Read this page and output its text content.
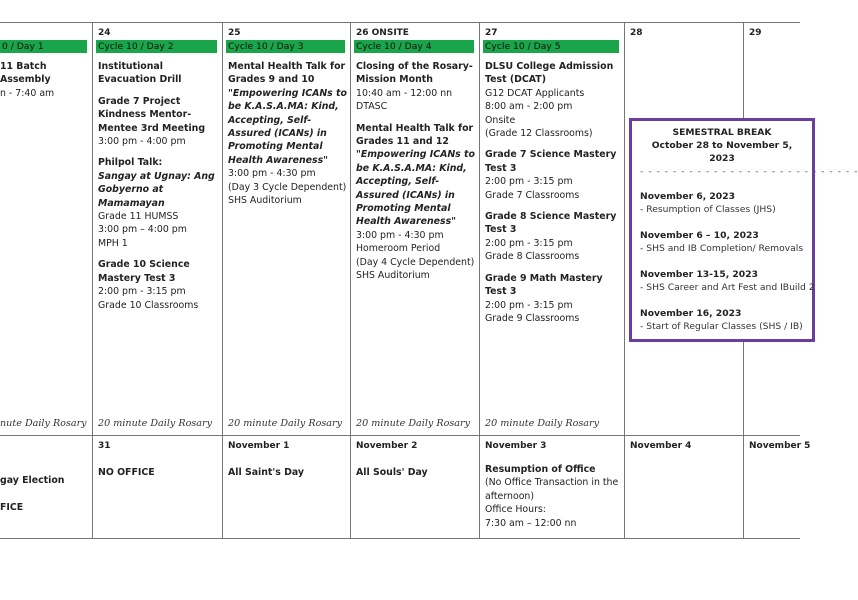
0 / Day 1
11 Batch Assembly
n - 7:40 am
nute Daily Rosary
24
Cycle 10 / Day 2
Institutional Evacuation Drill
Grade 7 Project Kindness Mentor-Mentee 3rd Meeting
3:00 pm - 4:00 pm
Philpol Talk:
Sangay at Ugnay: Ang Gobyerno at Mamamayan
Grade 11 HUMSS
3:00 pm – 4:00 pm
MPH 1
Grade 10 Science Mastery Test 3
2:00 pm - 3:15 pm
Grade 10 Classrooms
20 minute Daily Rosary
25
Cycle 10 / Day 3
Mental Health Talk for Grades 9 and 10
"Empowering ICANs to be K.A.S.A.MA: Kind, Accepting, Self-Assured (ICANs) in Promoting Mental Health Awareness"
3:00 pm - 4:30 pm
(Day 3 Cycle Dependent)
SHS Auditorium
20 minute Daily Rosary
26 ONSITE
Cycle 10 / Day 4
Closing of the Rosary-Mission Month
10:40 am - 12:00 nn
DTASC
Mental Health Talk for Grades 11 and 12
"Empowering ICANs to be K.A.S.A.MA: Kind, Accepting, Self-Assured (ICANs) in Promoting Mental Health Awareness"
3:00 pm - 4:30 pm
Homeroom Period
(Day 4 Cycle Dependent)
SHS Auditorium
20 minute Daily Rosary
27
Cycle 10 / Day 5
DLSU College Admission Test (DCAT)
G12 DCAT Applicants
8:00 am - 2:00 pm
Onsite
(Grade 12 Classrooms)
Grade 7 Science Mastery Test 3
2:00 pm - 3:15 pm
Grade 7 Classrooms
Grade 8 Science Mastery Test 3
2:00 pm - 3:15 pm
Grade 8 Classrooms
Grade 9 Math Mastery Test 3
2:00 pm - 3:15 pm
Grade 9 Classrooms
20 minute Daily Rosary
28	29
SEMESTRAL BREAK
October 28 to November 5, 2023
- - - - - - - - - - - - - - - - - - - - - - - - - - -
November 6, 2023
- Resumption of Classes (JHS)
November 6 – 10, 2023
- SHS and IB Completion/ Removals
November 13-15, 2023
- SHS Career and Art Fest and IBuild 2
November 16, 2023
- Start of Regular Classes (SHS / IB)
gay Election
FICE
31
NO OFFICE
November 1
All Saint's Day
November 2
All Souls' Day
November 3
Resumption of Office
(No Office Transaction in the
afternoon)
Office Hours:
7:30 am – 12:00 nn
November 4	November 5
